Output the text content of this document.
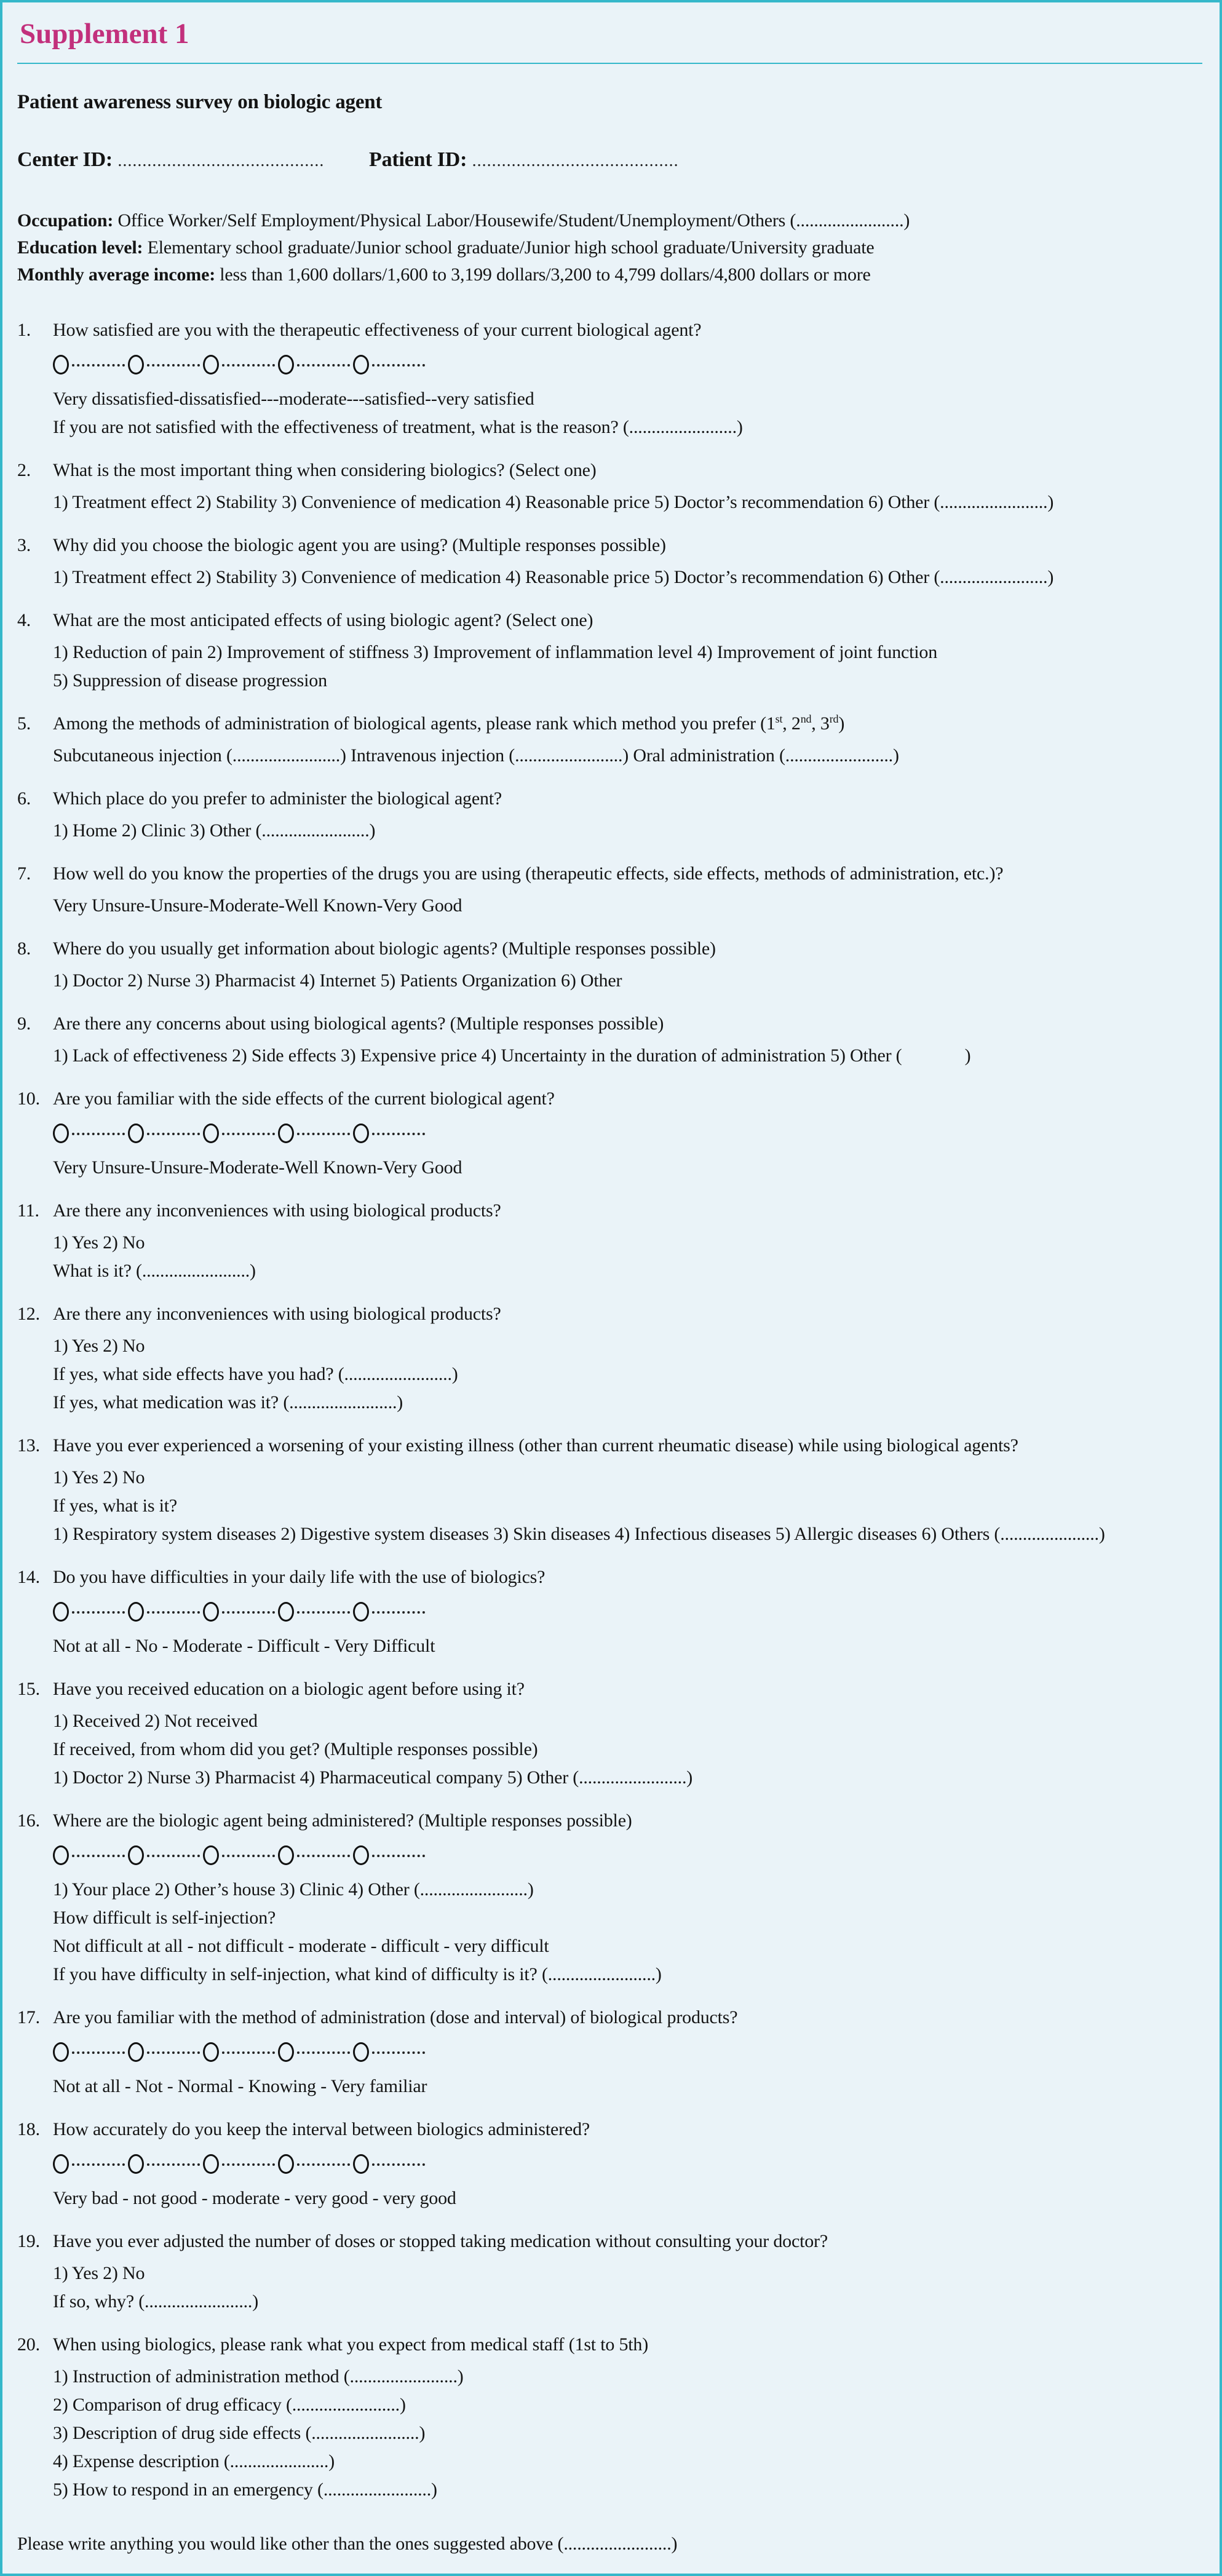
Supplement 1
Patient awareness survey on biologic agent
Center ID: .......................................... Patient ID: ..........................................
Occupation: Office Worker/Self Employment/Physical Labor/Housewife/Student/Unemployment/Others (........................)
Education level: Elementary school graduate/Junior school graduate/Junior high school graduate/University graduate
Monthly average income: less than 1,600 dollars/1,600 to 3,199 dollars/3,200 to 4,799 dollars/4,800 dollars or more
1.	How satisfied are you with the therapeutic effectiveness of your current biological agent?
Very dissatisfied-dissatisfied---moderate---satisfied--very satisfied
If you are not satisfied with the effectiveness of treatment, what is the reason? (........................)
2.	What is the most important thing when considering biologics? (Select one)
1) Treatment effect 2) Stability 3) Convenience of medication 4) Reasonable price 5) Doctor’s recommendation 6) Other (........................)
3.	Why did you choose the biologic agent you are using? (Multiple responses possible)
1) Treatment effect 2) Stability 3) Convenience of medication 4) Reasonable price 5) Doctor’s recommendation 6) Other (........................)
4.	What are the most anticipated effects of using biologic agent? (Select one)
1) Reduction of pain 2) Improvement of stiffness 3) Improvement of inflammation level 4) Improvement of joint function
5) Suppression of disease progression
5.	Among the methods of administration of biological agents, please rank which method you prefer (1st, 2nd, 3rd)
Subcutaneous injection (........................) Intravenous injection (........................) Oral administration (........................)
6.	Which place do you prefer to administer the biological agent?
1) Home 2) Clinic 3) Other (........................)
7.	How well do you know the properties of the drugs you are using (therapeutic effects, side effects, methods of administration, etc.)?
Very Unsure-Unsure-Moderate-Well Known-Very Good
8.	Where do you usually get information about biologic agents? (Multiple responses possible)
1) Doctor 2) Nurse 3) Pharmacist 4) Internet 5) Patients Organization 6) Other
9.	Are there any concerns about using biological agents? (Multiple responses possible)
1) Lack of effectiveness 2) Side effects 3) Expensive price 4) Uncertainty in the duration of administration 5) Other (              )
10. Are you familiar with the side effects of the current biological agent?
Very Unsure-Unsure-Moderate-Well Known-Very Good
11. Are there any inconveniences with using biological products?
1) Yes 2) No
What is it? (........................)
12. Are there any inconveniences with using biological products?
1) Yes 2) No
If yes, what side effects have you had? (........................)
If yes, what medication was it? (........................)
13. Have you ever experienced a worsening of your existing illness (other than current rheumatic disease) while using biological agents?
1) Yes 2) No
If yes, what is it?
1) Respiratory system diseases 2) Digestive system diseases 3) Skin diseases 4) Infectious diseases 5) Allergic diseases 6) Others (......................)
14. Do you have difficulties in your daily life with the use of biologics?
Not at all - No - Moderate - Difficult - Very Difficult
15. Have you received education on a biologic agent before using it?
1) Received 2) Not received
If received, from whom did you get? (Multiple responses possible)
1) Doctor 2) Nurse 3) Pharmacist 4) Pharmaceutical company 5) Other (........................)
16. Where are the biologic agent being administered? (Multiple responses possible)
1) Your place 2) Other’s house 3) Clinic 4) Other (........................)
How difficult is self-injection?
Not difficult at all - not difficult - moderate - difficult - very difficult
If you have difficulty in self-injection, what kind of difficulty is it? (........................)
17. Are you familiar with the method of administration (dose and interval) of biological products?
Not at all - Not - Normal - Knowing - Very familiar
18. How accurately do you keep the interval between biologics administered?
Very bad - not good - moderate - very good - very good
19. Have you ever adjusted the number of doses or stopped taking medication without consulting your doctor?
1) Yes 2) No
If so, why? (........................)
20. When using biologics, please rank what you expect from medical staff (1st to 5th)
1) Instruction of administration method (........................)
2) Comparison of drug efficacy (........................)
3) Description of drug side effects (........................)
4) Expense description (......................)
5) How to respond in an emergency (........................)
Please write anything you would like other than the ones suggested above (........................)
